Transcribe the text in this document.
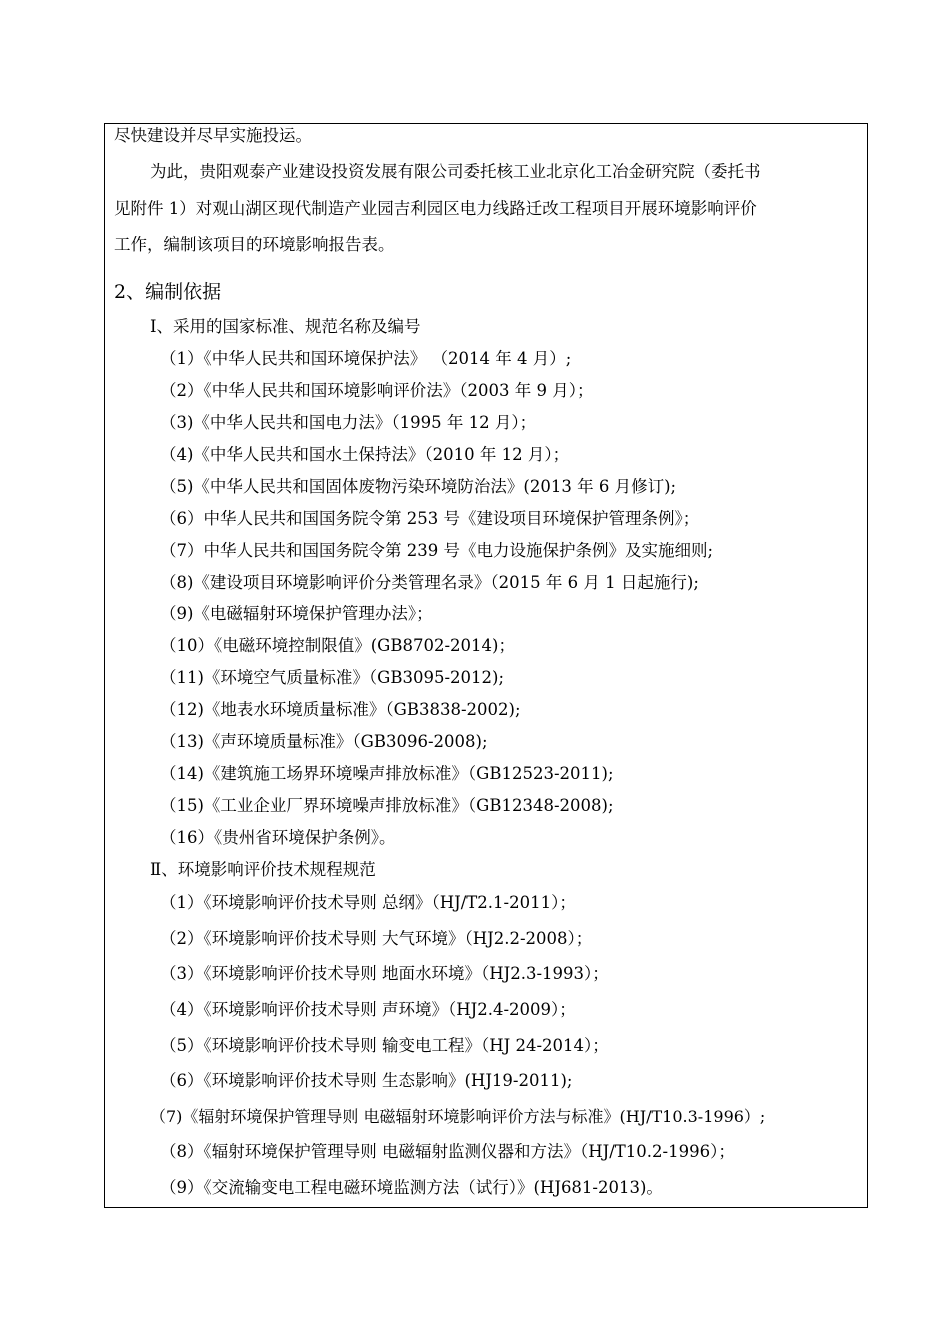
尽快建设并尽早实施投运。
为此，贵阳观泰产业建设投资发展有限公司委托核工业北京化工冶金研究院（委托书
见附件 1）对观山湖区现代制造产业园吉利园区电力线路迁改工程项目开展环境影响评价
工作，编制该项目的环境影响报告表。
2、编制依据
Ⅰ、采用的国家标准、规范名称及编号
（1）《中华人民共和国环境保护法》 （2014 年 4 月）;
（2）《中华人民共和国环境影响评价法》（2003 年 9 月）；
（3)《中华人民共和国电力法》（1995 年 12 月）；
（4)《中华人民共和国水土保持法》（2010 年 12 月）；
（5)《中华人民共和国固体废物污染环境防治法》(2013 年 6 月修订);
（6）中华人民共和国国务院令第 253 号《建设项目环境保护管理条例》；
（7）中华人民共和国国务院令第 239 号《电力设施保护条例》及实施细则;
（8)《建设项目环境影响评价分类管理名录》（2015 年 6 月 1 日起施行);
（9)《电磁辐射环境保护管理办法》；
（10）《电磁环境控制限值》(GB8702-2014)；
（11)《环境空气质量标准》（GB3095-2012);
（12)《地表水环境质量标准》（GB3838-2002);
（13)《声环境质量标准》（GB3096-2008);
（14)《建筑施工场界环境噪声排放标准》（GB12523-2011);
（15)《工业企业厂界环境噪声排放标准》（GB12348-2008);
（16）《贵州省环境保护条例》。
Ⅱ、环境影响评价技术规程规范
（1）《环境影响评价技术导则 总纲》（HJ/T2.1-2011）；
（2）《环境影响评价技术导则 大气环境》（HJ2.2-2008）；
（3）《环境影响评价技术导则 地面水环境》（HJ2.3-1993）；
（4）《环境影响评价技术导则 声环境》（HJ2.4-2009）；
（5）《环境影响评价技术导则 输变电工程》（HJ 24-2014）；
（6）《环境影响评价技术导则 生态影响》(HJ19-2011);
（7)《辐射环境保护管理导则 电磁辐射环境影响评价方法与标准》(HJ/T10.3-1996）;
（8）《辐射环境保护管理导则 电磁辐射监测仪器和方法》（HJ/T10.2-1996）；
（9）《交流输变电工程电磁环境监测方法（试行）》(HJ681-2013)。
